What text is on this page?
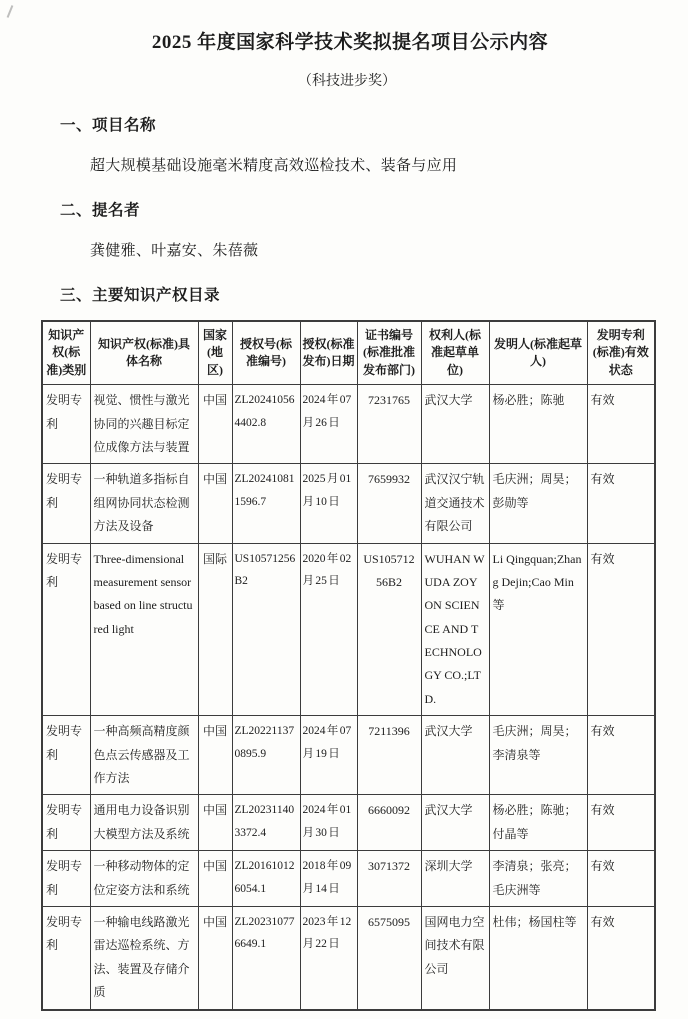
2025 年度国家科学技术奖拟提名项目公示内容
（科技进步奖）
一、项目名称
超大规模基础设施毫米精度高效巡检技术、装备与应用
二、提名者
龚健雅、叶嘉安、朱蓓薇
三、主要知识产权目录
知识产权(标准)类别	知识产权(标准)具体名称	国家(地区)	授权号(标准编号)	授权(标准发布)日期	证书编号(标准批准发布部门)	权利人(标准起草单位)	发明人(标准起草人)	发明专利(标准)有效状态
发明专利	视觉、惯性与激光协同的兴趣目标定位成像方法与装置	中国	ZL202410564402.8	2024 年 07 月 26 日	7231765	武汉大学	杨必胜；陈驰	有效
发明专利	一种轨道多指标自组网协同状态检测方法及设备	中国	ZL202410811596.7	2025 月 01 月 10 日	7659932	武汉汉宁轨道交通技术有限公司	毛庆洲；周昊；彭勋等	有效
发明专利	Three-dimensional measurement sensor based on line structured light	国际	US10571256B2	2020 年 02 月 25 日	US10571256B2	WUHAN WUDA ZOYON SCIENCE AND TECHNOLOGY CO.;LTD.	Li Qingquan;Zhang Dejin;Cao Min 等	有效
发明专利	一种高频高精度颜色点云传感器及工作方法	中国	ZL202211370895.9	2024 年 07 月 19 日	7211396	武汉大学	毛庆洲；周昊；李清泉等	有效
发明专利	通用电力设备识别大模型方法及系统	中国	ZL202311403372.4	2024 年 01 月 30 日	6660092	武汉大学	杨必胜；陈驰；付晶等	有效
发明专利	一种移动物体的定位定姿方法和系统	中国	ZL201610126054.1	2018 年 09 月 14 日	3071372	深圳大学	李清泉；张亮；毛庆洲等	有效
发明专利	一种输电线路激光雷达巡检系统、方法、装置及存储介质	中国	ZL202310776649.1	2023 年 12 月 22 日	6575095	国网电力空间技术有限公司	杜伟；杨国柱等	有效
